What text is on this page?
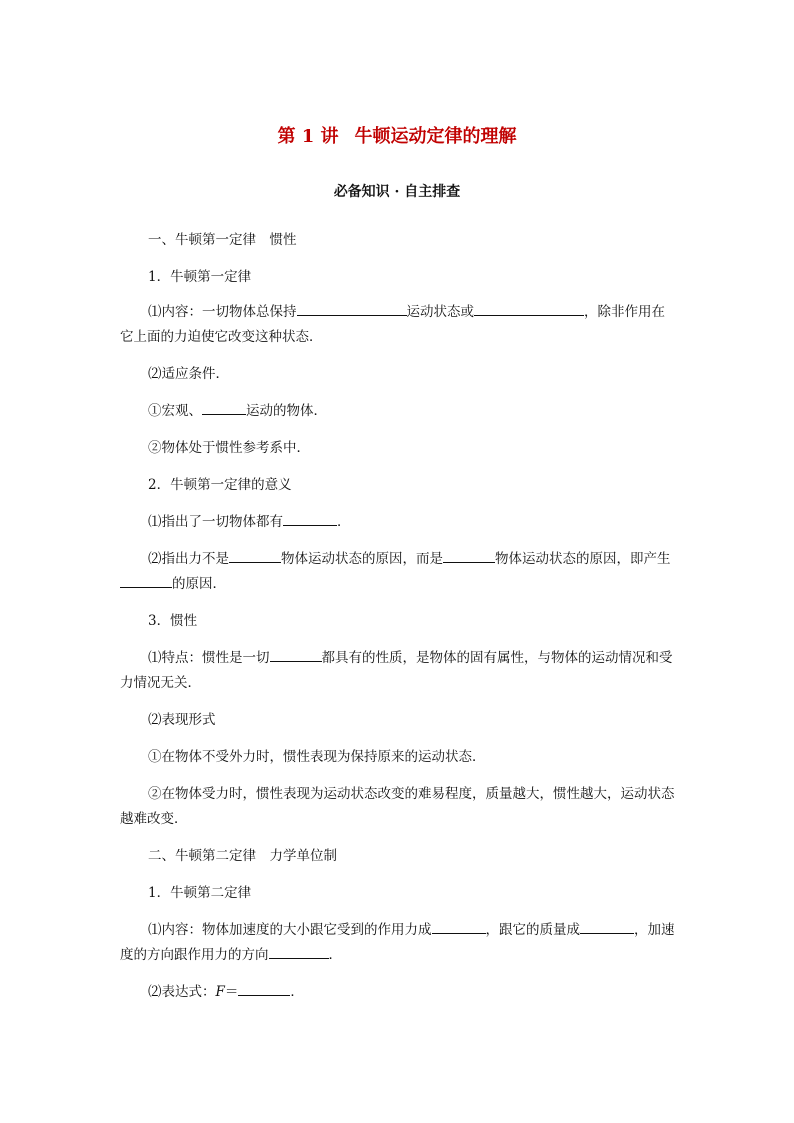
第 1 讲 牛顿运动定律的理解
必备知识 · 自主排查
一、牛顿第一定律　惯性
1．牛顿第一定律
⑴内容：一切物体总保持	运动状态或	，除非作用在它上面的力迫使它改变这种状态．
⑵适应条件．
①宏观、	运动的物体．
②物体处于惯性参考系中．
2．牛顿第一定律的意义
⑴指出了一切物体都有	．
⑵指出力不是	物体运动状态的原因，而是	物体运动状态的原因，即产生的原因．
3．惯性
⑴特点：惯性是一切	都具有的性质，是物体的固有属性，与物体的运动情况和受力情况无关．
⑵表现形式
①在物体不受外力时，惯性表现为保持原来的运动状态．
②在物体受力时，惯性表现为运动状态改变的难易程度，质量越大，惯性越大，运动状态越难改变．
二、牛顿第二定律　力学单位制
1．牛顿第二定律
⑴内容：物体加速度的大小跟它受到的作用力成	，跟它的质量成	，加速度的方向跟作用力的方向	．
⑵表达式：F＝	．
